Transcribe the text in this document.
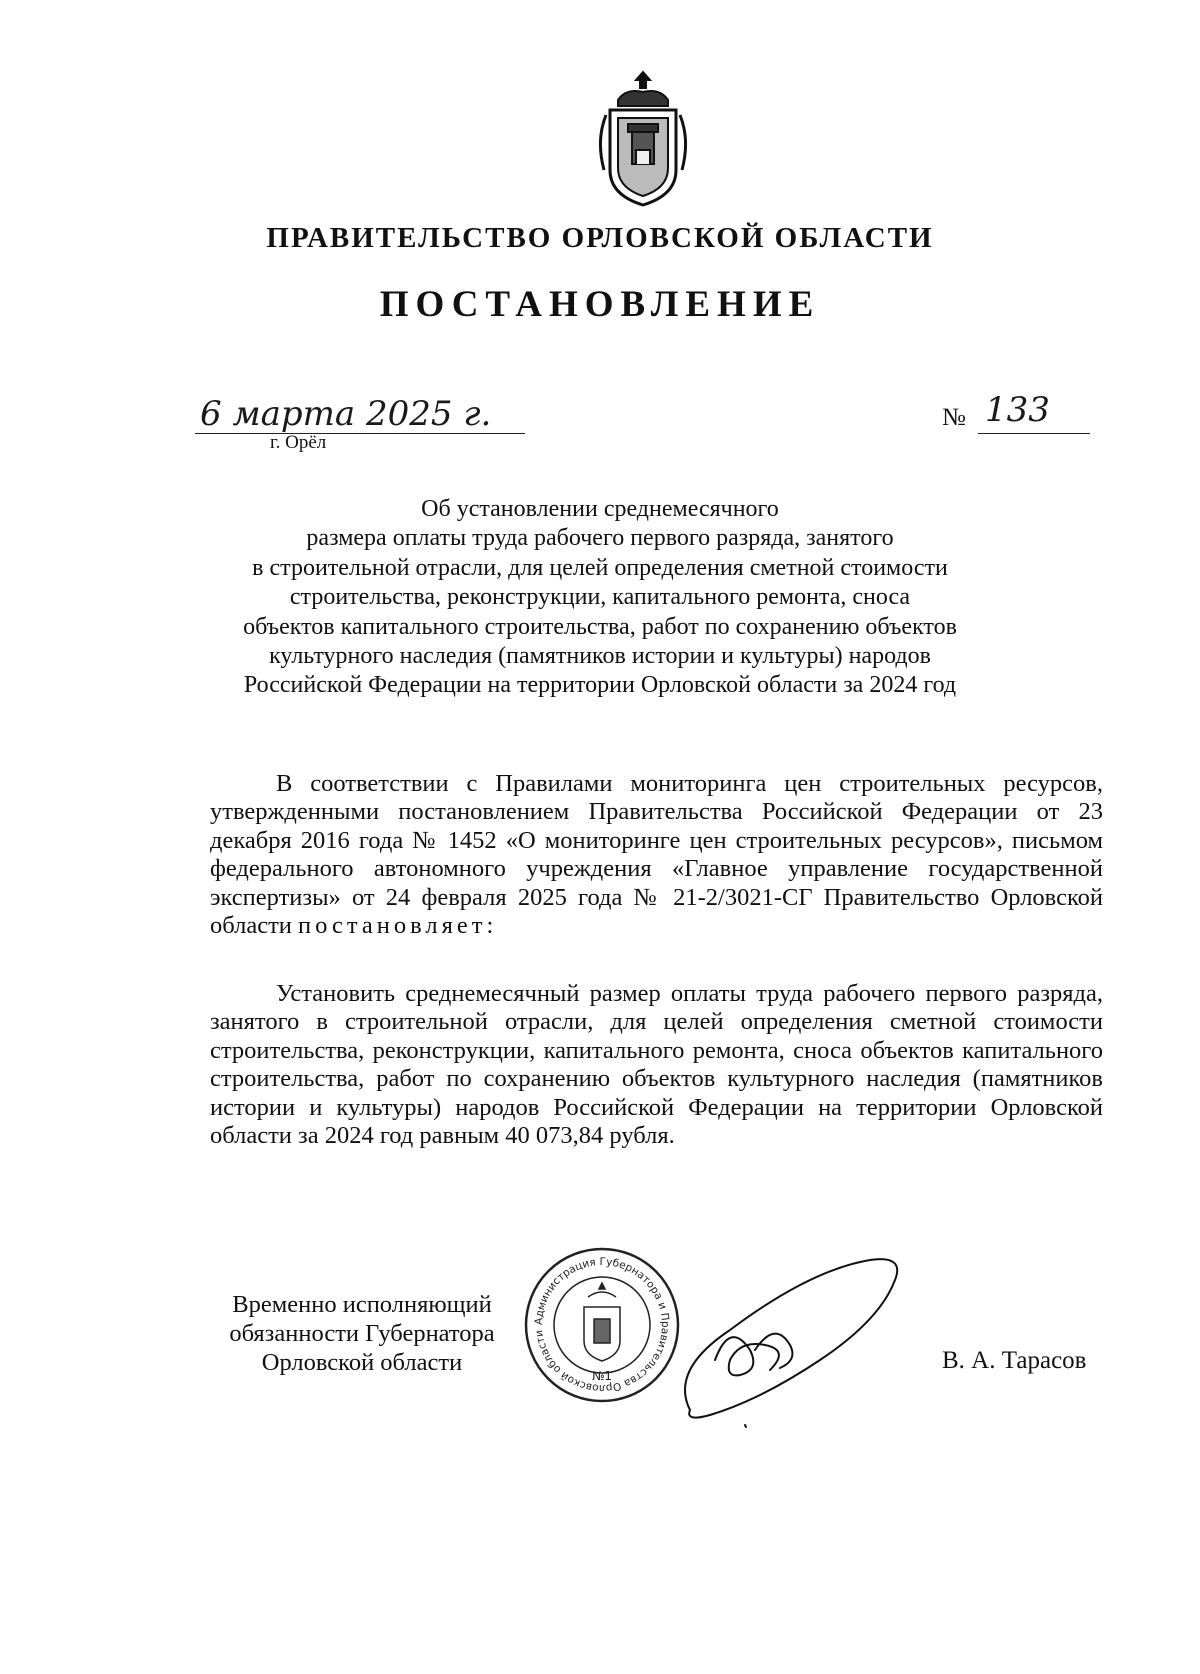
ПРАВИТЕЛЬСТВО ОРЛОВСКОЙ ОБЛАСТИ
ПОСТАНОВЛЕНИЕ
6 марта 2025 г.
г. Орёл
№ 133
Об установлении среднемесячного
размера оплаты труда рабочего первого разряда, занятого
в строительной отрасли, для целей определения сметной стоимости
строительства, реконструкции, капитального ремонта, сноса
объектов капитального строительства, работ по сохранению объектов
культурного наследия (памятников истории и культуры) народов
Российской Федерации на территории Орловской области за 2024 год
В соответствии с Правилами мониторинга цен строительных ресурсов, утвержденными постановлением Правительства Российской Федерации от 23 декабря 2016 года № 1452 «О мониторинге цен строительных ресурсов», письмом федерального автономного учреждения «Главное управление государственной экспертизы» от 24 февраля 2025 года № 21-2/3021-СГ Правительство Орловской области постановляет:
Установить среднемесячный размер оплаты труда рабочего первого разряда, занятого в строительной отрасли, для целей определения сметной стоимости строительства, реконструкции, капитального ремонта, сноса объектов капитального строительства, работ по сохранению объектов культурного наследия (памятников истории и культуры) народов Российской Федерации на территории Орловской области за 2024 год равным 40 073,84 рубля.
Временно исполняющий
обязанности Губернатора
Орловской области
Администрация Губернатора и Правительства Орловской области
№1
В. А. Тарасов
